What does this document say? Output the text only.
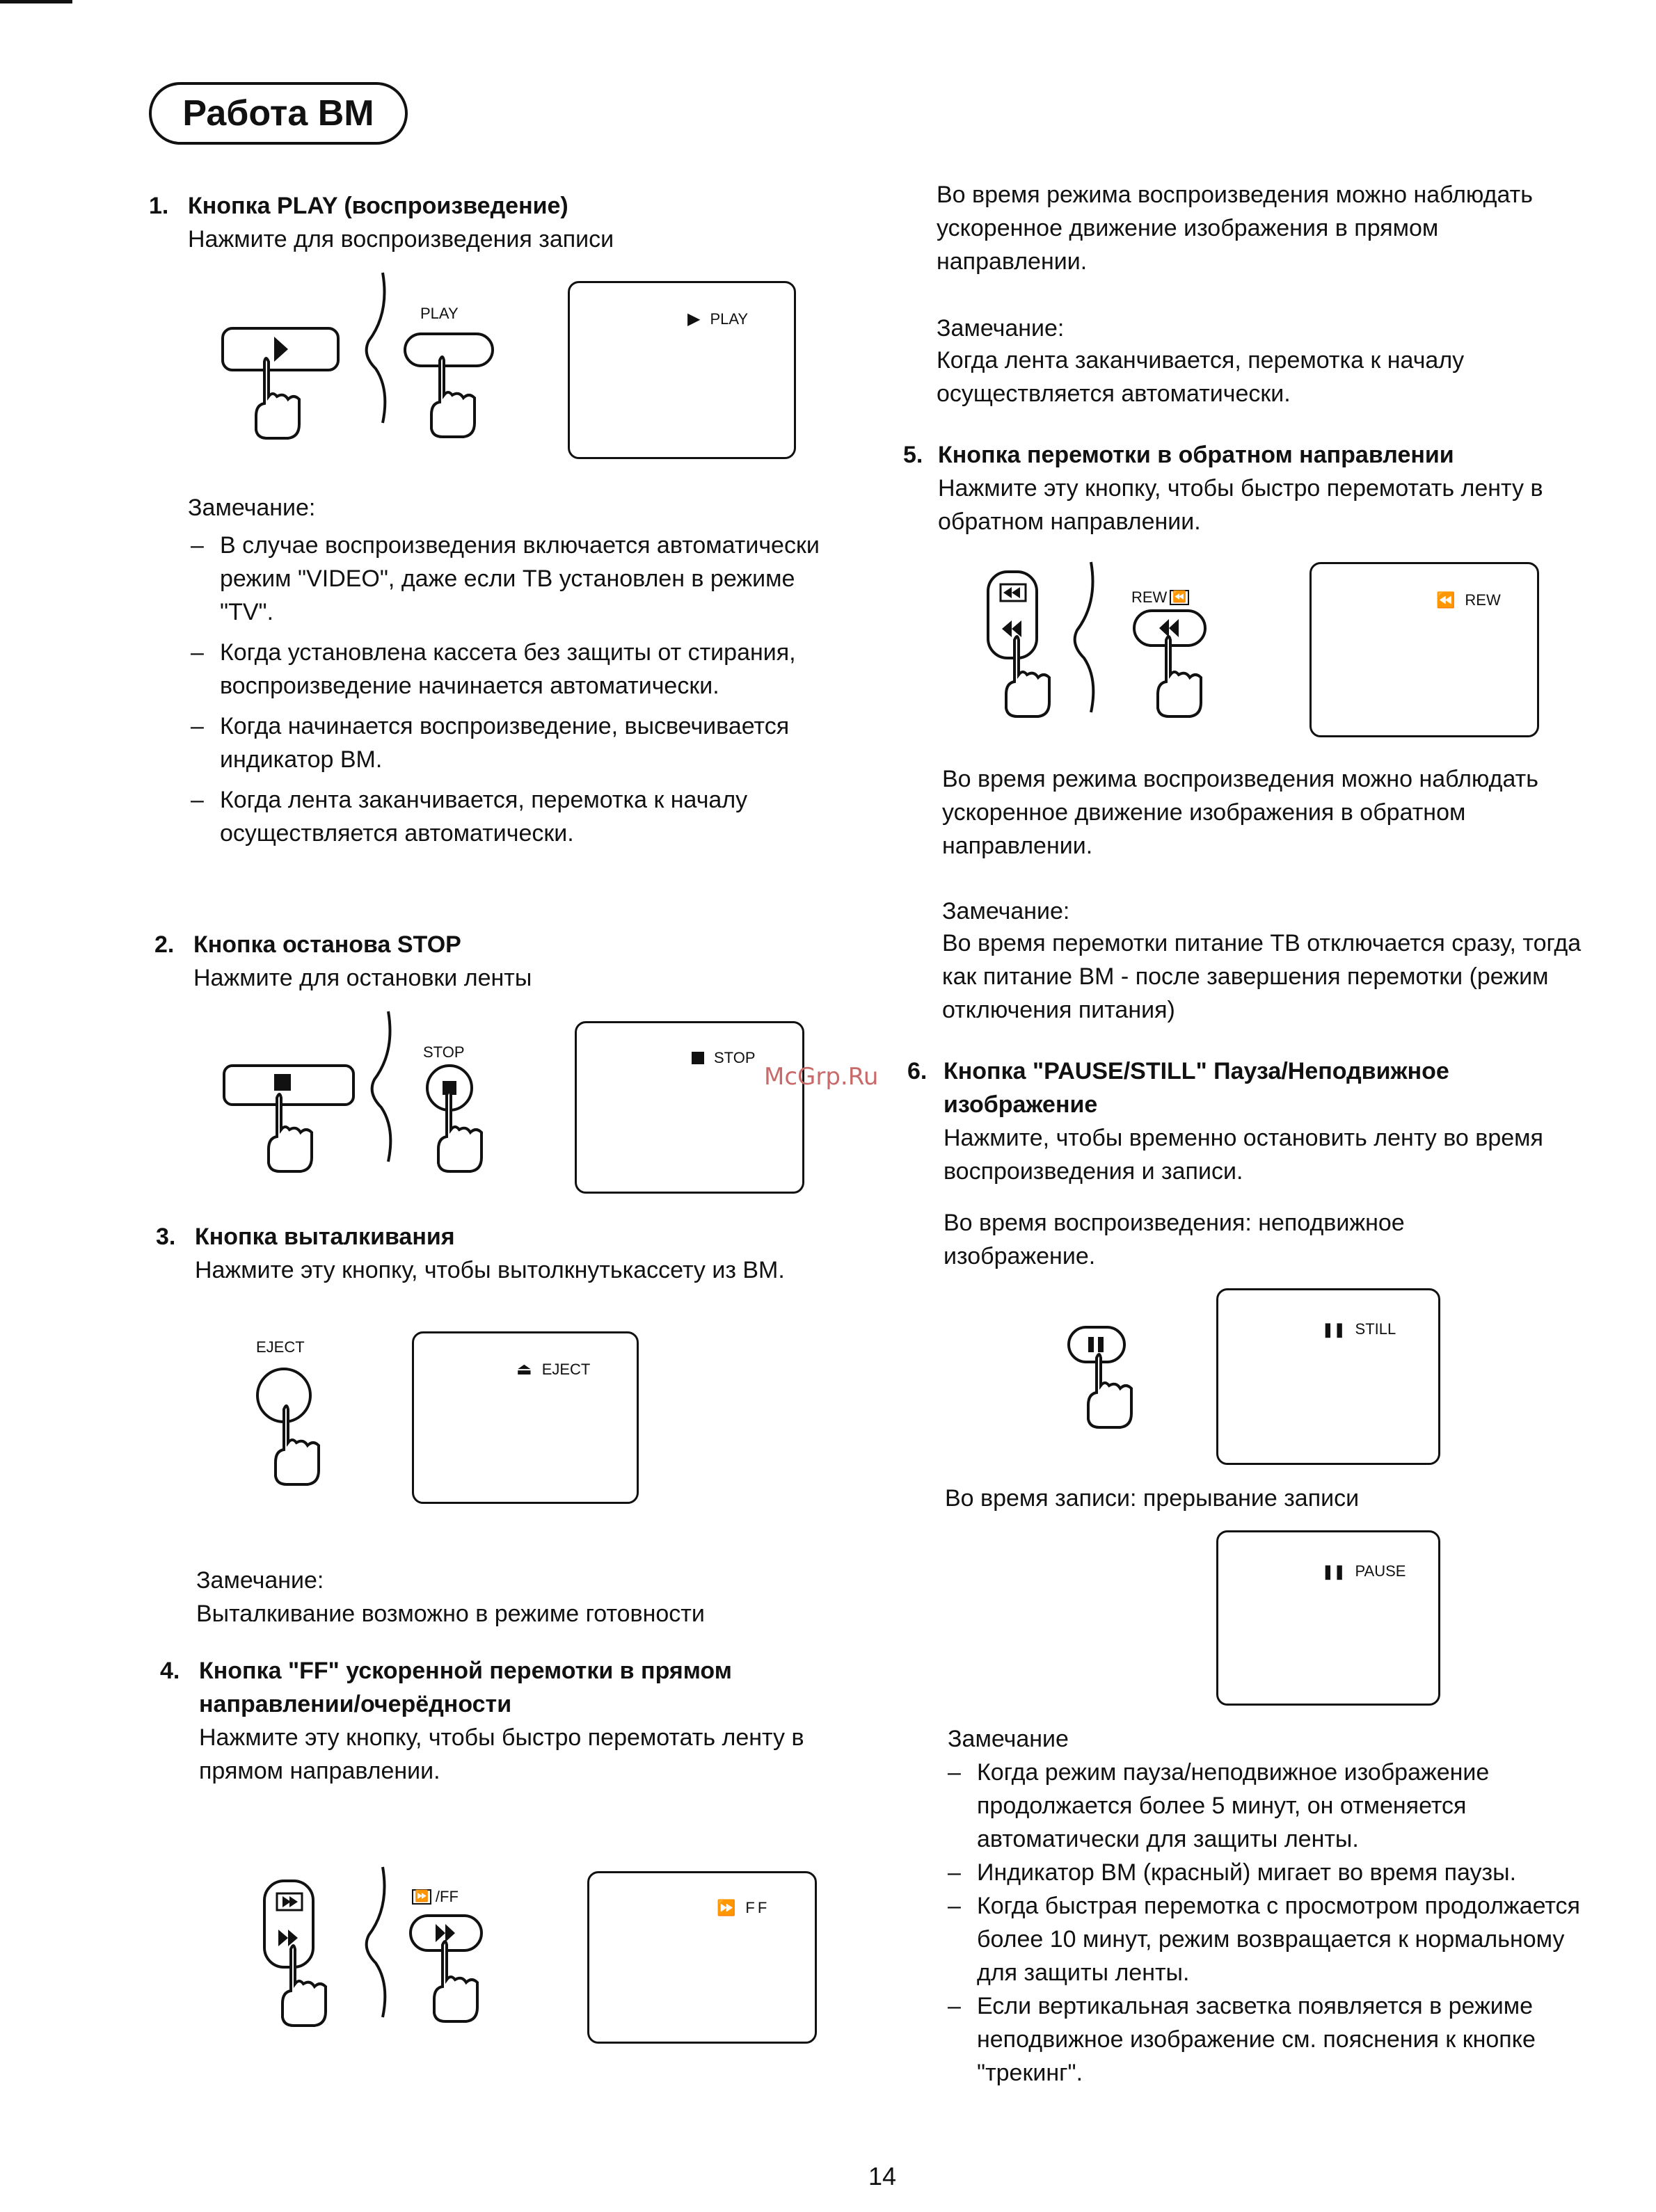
Работа ВМ
1. Кнопка PLAY (воспроизведение)
Нажмите для воспроизведения записи
PLAY	▶ PLAY
Замечание:
– В случае воспроизведения включается автоматически режим "VIDEO", даже если ТВ установлен в режиме "TV".
– Когда установлена кассета без защиты от стирания, воспроизведение начинается автоматически.
– Когда начинается воспроизведение, высвечивается индикатор ВМ.
– Когда лента заканчивается, перемотка к началу осуществляется автоматически.
2. Кнопка останова STOP
Нажмите для остановки ленты
STOP	STOP
3. Кнопка выталкивания
Нажмите эту кнопку, чтобы вытолкнутькассету из ВМ.
EJECT
⏏ EJECT
Замечание:
Выталкивание возможно в режиме готовности
4. Кнопка "FF" ускоренной перемотки в прямом
направлении/очерёдности
Нажмите эту кнопку, чтобы быстро перемотать ленту в прямом направлении.
⏩ /FF
⏩ FF
Во время режима воспроизведения можно наблюдать ускоренное движение изображения в прямом направлении.
Замечание:
Когда лента заканчивается, перемотка к началу осуществляется автоматически.
5. Кнопка перемотки в обратном направлении
Нажмите эту кнопку, чтобы быстро перемотать ленту в обратном направлении.
REW ⏪	⏪ REW
Во время режима воспроизведения можно наблюдать ускоренное движение изображения в обратном направлении.
Замечание:
Во время перемотки питание ТВ отключается сразу, тогда как питание ВМ - после завершения перемотки (режим отключения питания)
6. Кнопка "PAUSE/STILL" Пауза/Неподвижное
изображение
Нажмите, чтобы временно остановить ленту во время воспроизведения и записи.
Во время воспроизведения: неподвижное изображение.
❚❚ STILL
Во время записи: прерывание записи
❚❚ PAUSE
Замечание
– Когда режим пауза/неподвижное изображение продолжается более 5 минут, он отменяется автоматически для защиты ленты.
– Индикатор ВМ (красный) мигает во время паузы.
– Когда быстрая перемотка с просмотром продолжается более 10 минут, режим возвращается к нормальному для защиты ленты.
– Если вертикальная засветка появляется в режиме неподвижное изображение см. пояснения к кнопке "трекинг".
McGrp.Ru
14
